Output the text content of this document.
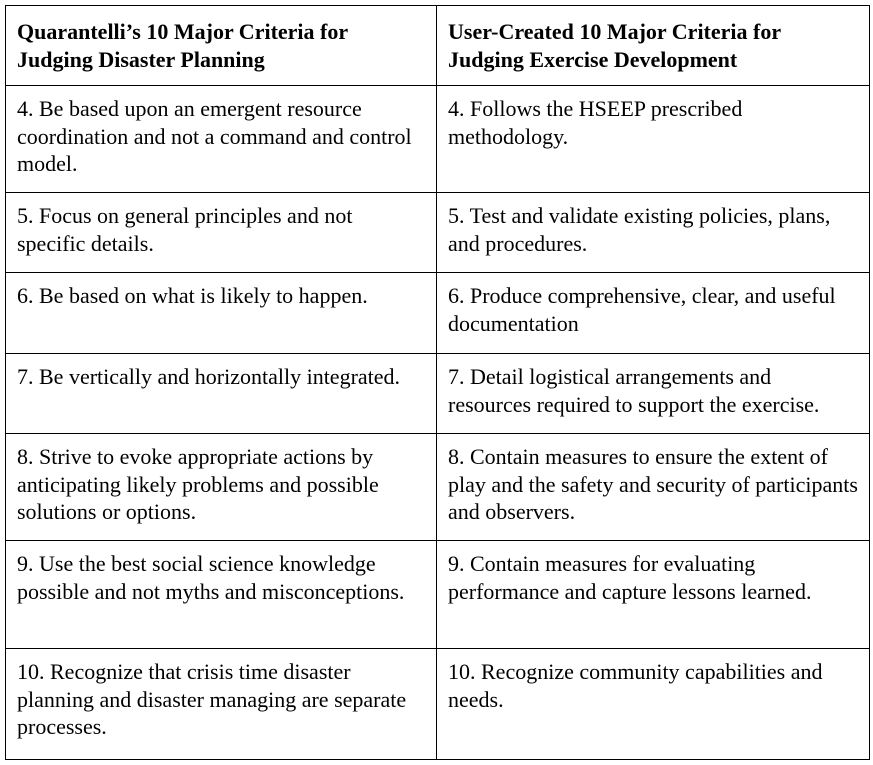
Quarantelli’s 10 Major Criteria for Judging Disaster Planning	User-Created 10 Major Criteria for Judging Exercise Development
4. Be based upon an emergent resource coordination and not a command and control model.	4. Follows the HSEEP prescribed methodology.
5. Focus on general principles and not specific details.	5. Test and validate existing policies, plans, and procedures.
6. Be based on what is likely to happen.	6. Produce comprehensive, clear, and useful documentation
7. Be vertically and horizontally integrated.	7. Detail logistical arrangements and resources required to support the exercise.
8. Strive to evoke appropriate actions by anticipating likely problems and possible solutions or options.	8. Contain measures to ensure the extent of play and the safety and security of participants and observers.
9. Use the best social science knowledge possible and not myths and misconceptions.	9. Contain measures for evaluating performance and capture lessons learned.
10. Recognize that crisis time disaster planning and disaster managing are separate processes.	10. Recognize community capabilities and needs.
